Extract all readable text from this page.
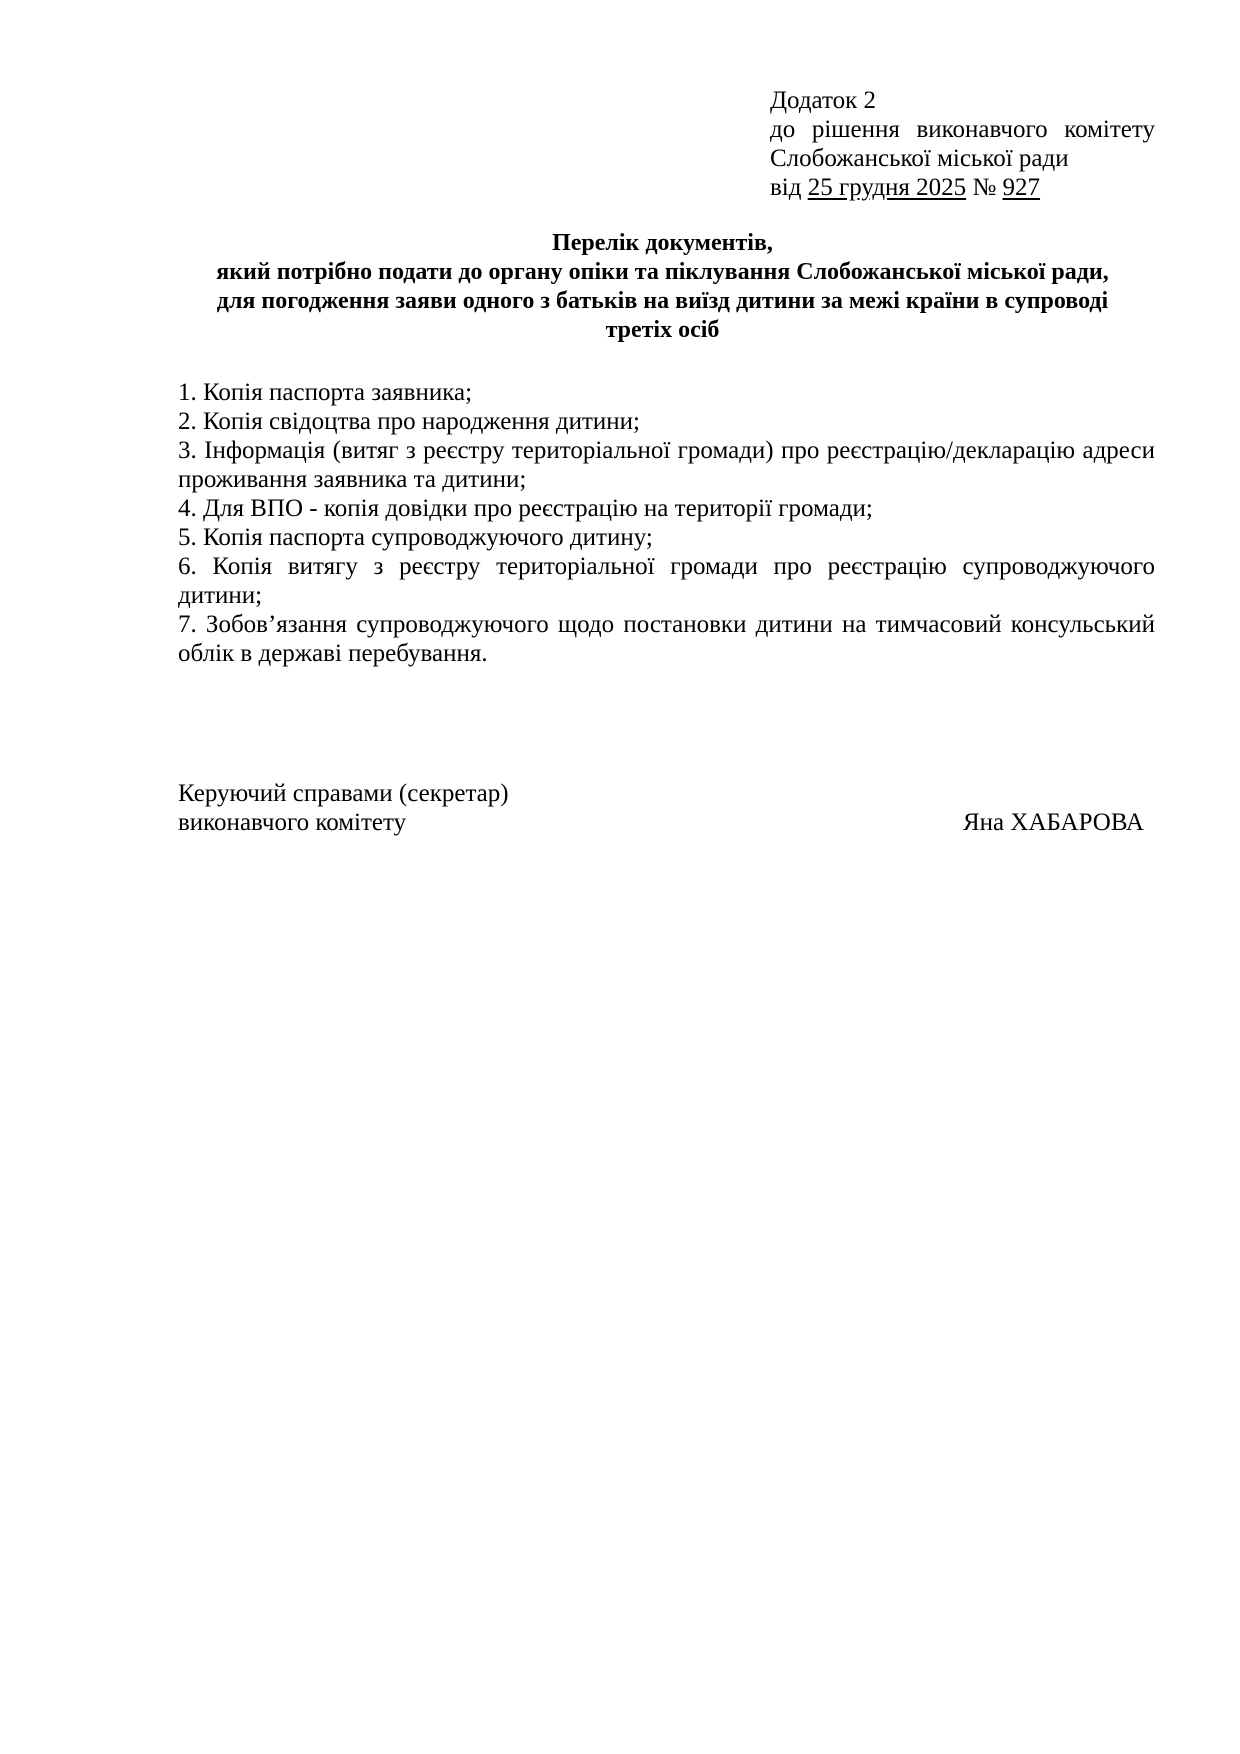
Додаток 2
до рішення виконавчого комітету
Слобожанської міської ради
від 25 грудня 2025 № 927
Перелік документів,
який потрібно подати до органу опіки та піклування Слобожанської міської ради,
для погодження заяви одного з батьків на виїзд дитини за межі країни в супроводі
третіх осіб
1. Копія паспорта заявника;
2. Копія свідоцтва про народження дитини;
3. Інформація (витяг з реєстру територіальної громади) про реєстрацію/декларацію адреси проживання заявника та дитини;
4. Для ВПО - копія довідки про реєстрацію на території громади;
5. Копія паспорта супроводжуючого дитину;
6. Копія витягу з реєстру територіальної громади про реєстрацію супроводжуючого дитини;
7. Зобов’язання супроводжуючого щодо постановки дитини на тимчасовий консульський облік в державі перебування.
Керуючий справами (секретар)
виконавчого комітету	Яна ХАБАРОВА
